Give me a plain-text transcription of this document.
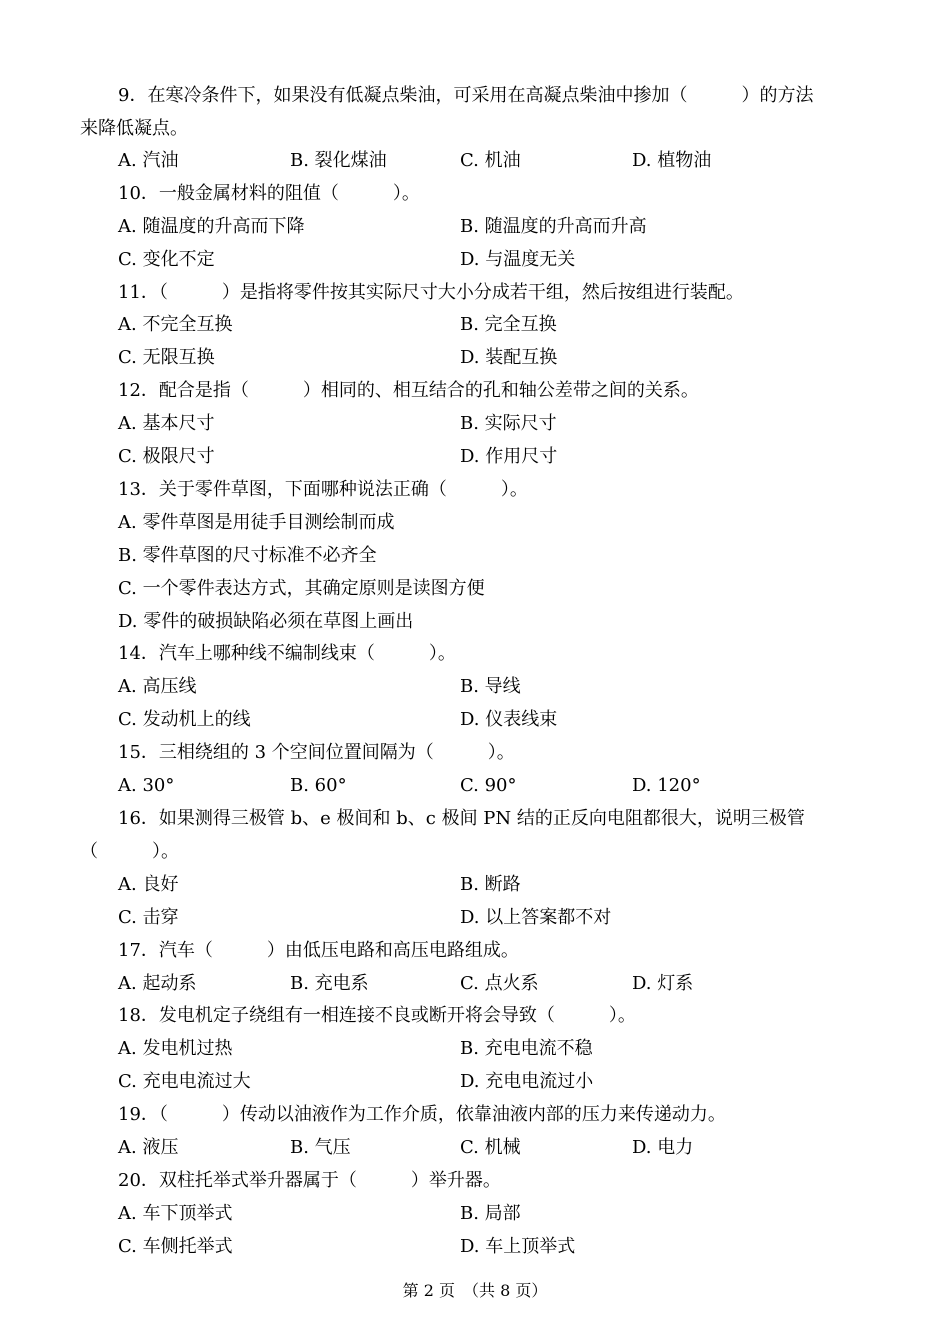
9．在寒冷条件下，如果没有低凝点柴油，可采用在高凝点柴油中掺加（　　　）的方法
来降低凝点。
A. 汽油	B. 裂化煤油	C. 机油	D. 植物油
10．一般金属材料的阻值（　　　）。
A. 随温度的升高而下降	B. 随温度的升高而升高
C. 变化不定	D. 与温度无关
11．（　　　）是指将零件按其实际尺寸大小分成若干组，然后按组进行装配。
A. 不完全互换	B. 完全互换
C. 无限互换	D. 装配互换
12．配合是指（　　　）相同的、相互结合的孔和轴公差带之间的关系。
A. 基本尺寸	B. 实际尺寸
C. 极限尺寸	D. 作用尺寸
13．关于零件草图，下面哪种说法正确（　　　）。
A. 零件草图是用徒手目测绘制而成
B. 零件草图的尺寸标准不必齐全
C. 一个零件表达方式，其确定原则是读图方便
D. 零件的破损缺陷必须在草图上画出
14．汽车上哪种线不编制线束（　　　）。
A. 高压线	B. 导线
C. 发动机上的线	D. 仪表线束
15．三相绕组的 3 个空间位置间隔为（　　　）。
A. 30°	B. 60°	C. 90°	D. 120°
16．如果测得三极管 b、e 极间和 b、c 极间 PN 结的正反向电阻都很大，说明三极管
（　　　）。
A. 良好	B. 断路
C. 击穿	D. 以上答案都不对
17．汽车（　　　）由低压电路和高压电路组成。
A. 起动系	B. 充电系	C. 点火系	D. 灯系
18．发电机定子绕组有一相连接不良或断开将会导致（　　　）。
A. 发电机过热	B. 充电电流不稳
C. 充电电流过大	D. 充电电流过小
19．（　　　）传动以油液作为工作介质，依靠油液内部的压力来传递动力。
A. 液压	B. 气压	C. 机械	D. 电力
20．双柱托举式举升器属于（　　　）举升器。
A. 车下顶举式	B. 局部
C. 车侧托举式	D. 车上顶举式
第 2 页　（共 8 页）
